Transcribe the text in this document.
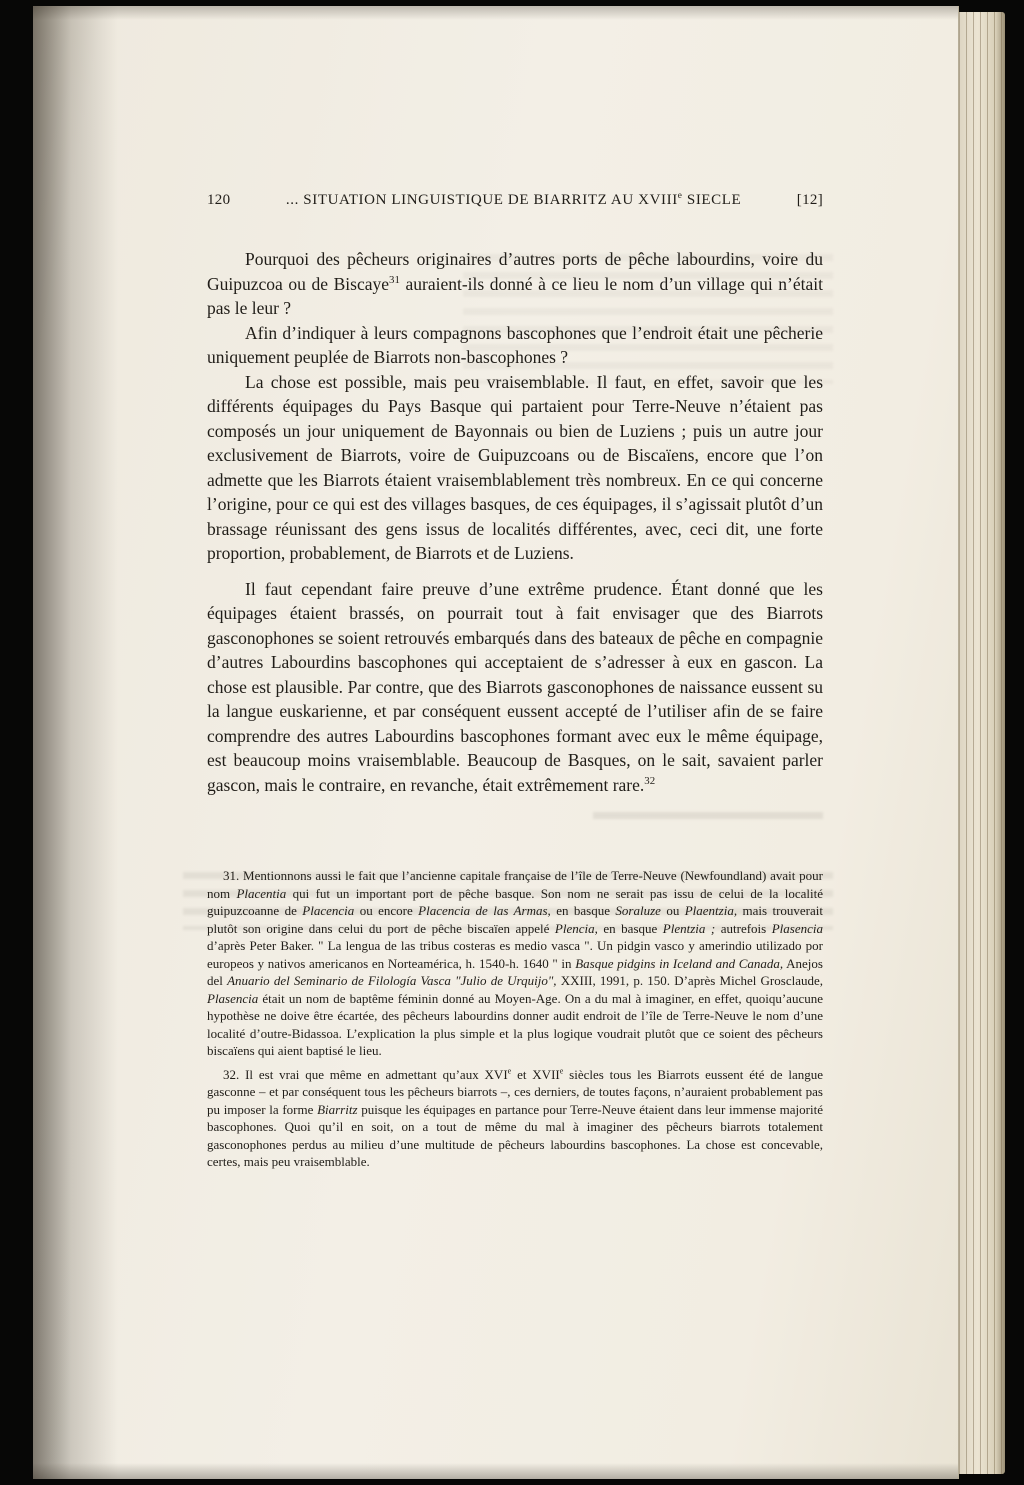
120	... SITUATION LINGUISTIQUE DE BIARRITZ AU XVIIIe SIECLE	[12]

Pourquoi des pêcheurs originaires d’autres ports de pêche labourdins, voire du Guipuzcoa ou de Biscaye$^{31}$ auraient-ils donné à ce lieu le nom d’un village qui n’était pas le leur ?

Afin d’indiquer à leurs compagnons bascophones que l’endroit était une pêcherie uniquement peuplée de Biarrots non-bascophones ?

La chose est possible, mais peu vraisemblable. Il faut, en effet, savoir que les différents équipages du Pays Basque qui partaient pour Terre-Neuve n’étaient pas composés un jour uniquement de Bayonnais ou bien de Luziens ; puis un autre jour exclusivement de Biarrots, voire de Guipuzcoans ou de Biscaïens, encore que l’on admette que les Biarrots étaient vraisemblablement très nombreux. En ce qui concerne l’origine, pour ce qui est des villages basques, de ces équipages, il s’agissait plutôt d’un brassage réunissant des gens issus de localités différentes, avec, ceci dit, une forte proportion, probablement, de Biarrots et de Luziens.

Il faut cependant faire preuve d’une extrême prudence. Étant donné que les équipages étaient brassés, on pourrait tout à fait envisager que des Biarrots gasconophones se soient retrouvés embarqués dans des bateaux de pêche en compagnie d’autres Labourdins bascophones qui acceptaient de s’adresser à eux en gascon. La chose est plausible. Par contre, que des Biarrots gasconophones de naissance eussent su la langue euskarienne, et par conséquent eussent accepté de l’utiliser afin de se faire comprendre des autres Labourdins bascophones formant avec eux le même équipage, est beaucoup moins vraisemblable. Beaucoup de Basques, on le sait, savaient parler gascon, mais le contraire, en revanche, était extrêmement rare.$^{32}$

31. Mentionnons aussi le fait que l’ancienne capitale française de l’île de Terre-Neuve (Newfoundland) avait pour nom Placentia qui fut un important port de pêche basque. Son nom ne serait pas issu de celui de la localité guipuzcoanne de Placencia ou encore Placencia de las Armas, en basque Soraluze ou Plaentzia, mais trouverait plutôt son origine dans celui du port de pêche biscaïen appelé Plencia, en basque Plentzia ; autrefois Plasencia d’après Peter Baker. " La lengua de las tribus costeras es medio vasca ". Un pidgin vasco y amerindio utilizado por europeos y nativos americanos en Norteamérica, h. 1540-h. 1640 " in Basque pidgins in Iceland and Canada, Anejos del Anuario del Seminario de Filología Vasca "Julio de Urquijo", XXIII, 1991, p. 150. D’après Michel Grosclaude, Plasencia était un nom de baptême féminin donné au Moyen-Age. On a du mal à imaginer, en effet, quoiqu’aucune hypothèse ne doive être écartée, des pêcheurs labourdins donner audit endroit de l’île de Terre-Neuve le nom d’une localité d’outre-Bidassoa. L’explication la plus simple et la plus logique voudrait plutôt que ce soient des pêcheurs biscaïens qui aient baptisé le lieu.

32. Il est vrai que même en admettant qu’aux XVIe et XVIIe siècles tous les Biarrots eussent été de langue gasconne – et par conséquent tous les pêcheurs biarrots –, ces derniers, de toutes façons, n’auraient probablement pas pu imposer la forme Biarritz puisque les équipages en partance pour Terre-Neuve étaient dans leur immense majorité bascophones. Quoi qu’il en soit, on a tout de même du mal à imaginer des pêcheurs biarrots totalement gasconophones perdus au milieu d’une multitude de pêcheurs labourdins bascophones. La chose est concevable, certes, mais peu vraisemblable.
